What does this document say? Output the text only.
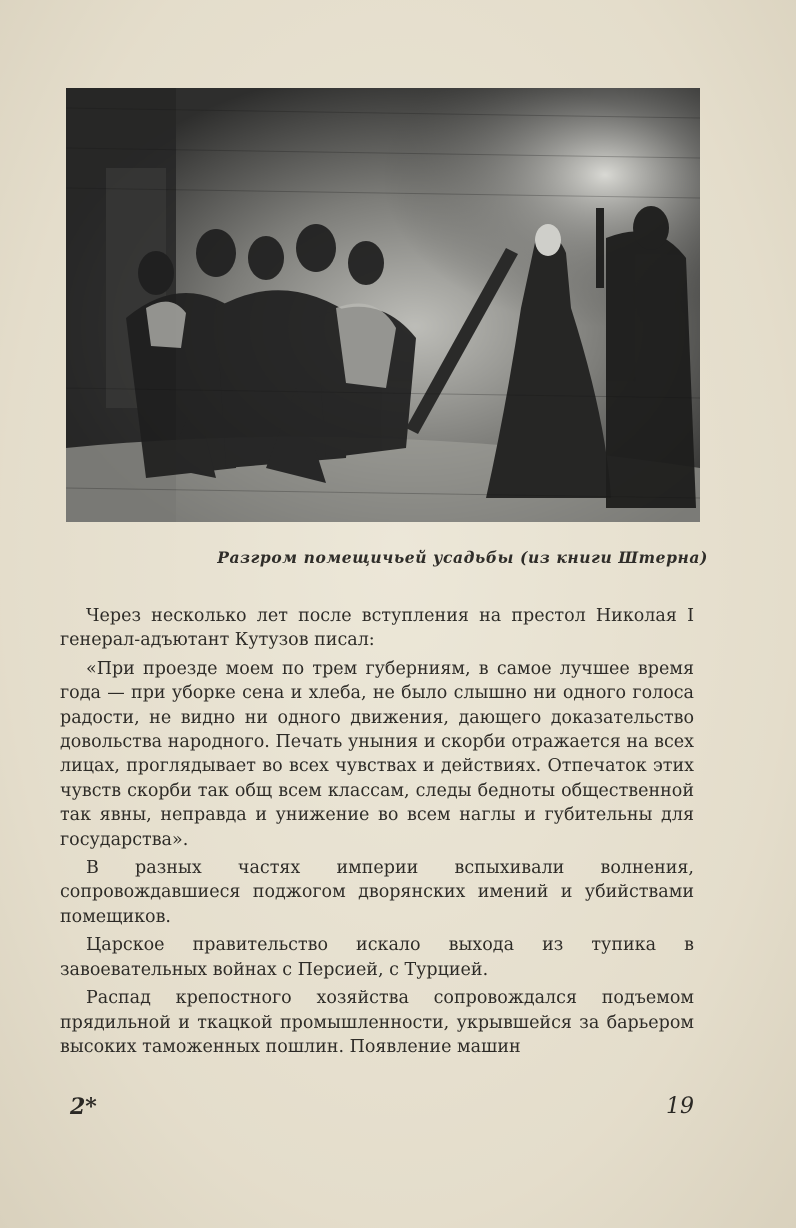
Разгром помещичьей усадьбы (из книги Штерна)

Через несколько лет после вступления на престол Николая I генерал-адъютант Кутузов писал:

«При проезде моем по трем губерниям, в самое лучшее время года — при уборке сена и хлеба, не было слышно ни одного голоса радости, не видно ни одного движения, дающего доказательство довольства народного. Печать уныния и скорби отражается на всех лицах, проглядывает во всех чувствах и действиях. Отпечаток этих чувств скорби так общ всем классам, следы бедноты общественной так явны, неправда и унижение во всем наглы и губительны для государства».

В разных частях империи вспыхивали волнения, сопровождавшиеся поджогом дворянских имений и убийствами помещиков.

Царское правительство искало выхода из тупика в завоевательных войнах с Персией, с Турцией.

Распад крепостного хозяйства сопровождался подъемом прядильной и ткацкой промышленности, укрывшейся за барьером высоких таможенных пошлин. Появление машин

2*	19
